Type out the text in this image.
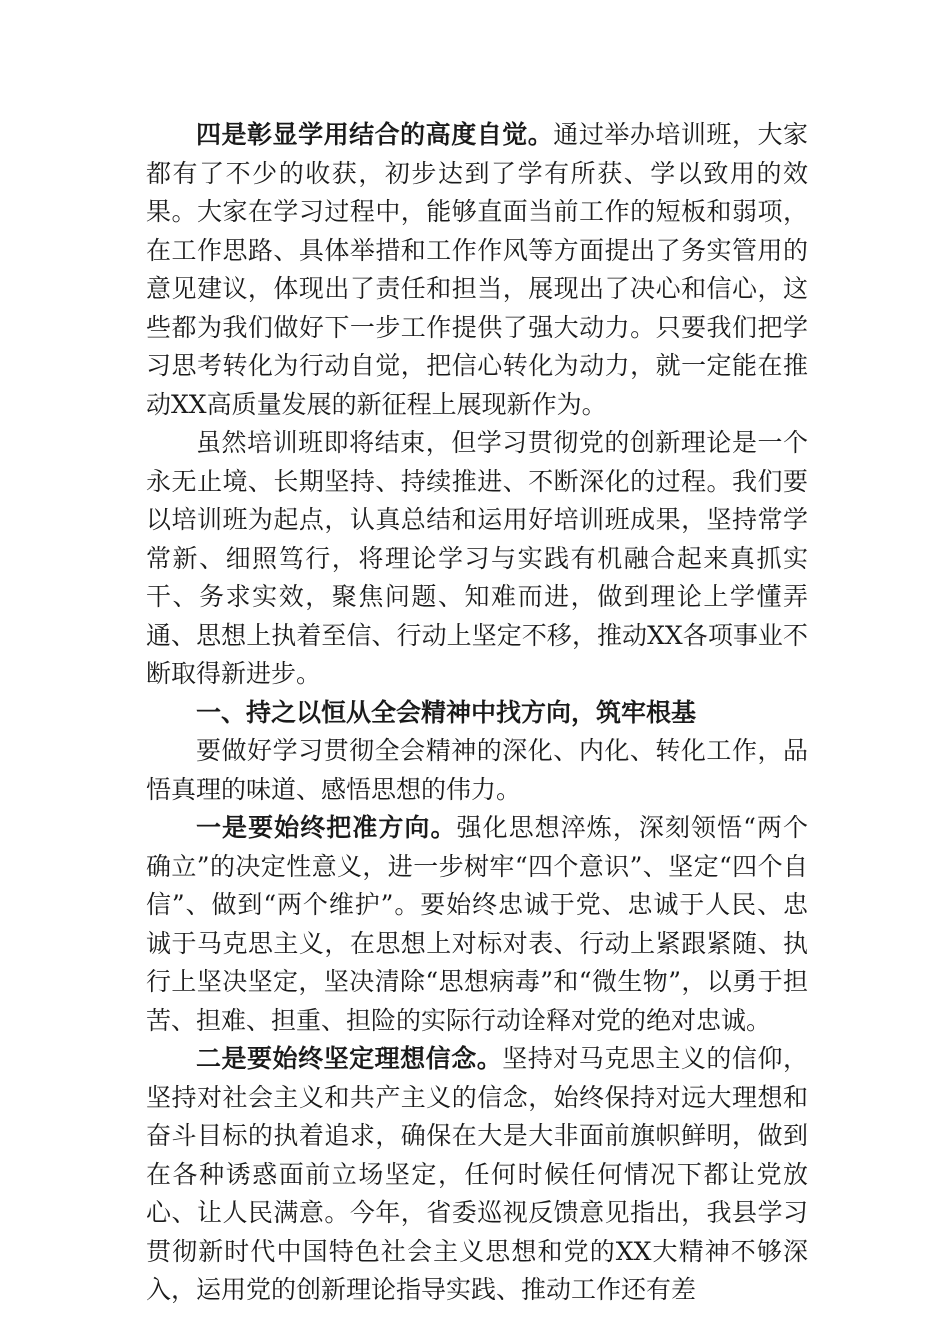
四是彰显学用结合的高度自觉。通过举办培训班，大家都有了不少的收获，初步达到了学有所获、学以致用的效果。大家在学习过程中，能够直面当前工作的短板和弱项，在工作思路、具体举措和工作作风等方面提出了务实管用的意见建议，体现出了责任和担当，展现出了决心和信心，这些都为我们做好下一步工作提供了强大动力。只要我们把学习思考转化为行动自觉，把信心转化为动力，就一定能在推动XX高质量发展的新征程上展现新作为。

虽然培训班即将结束，但学习贯彻党的创新理论是一个永无止境、长期坚持、持续推进、不断深化的过程。我们要以培训班为起点，认真总结和运用好培训班成果，坚持常学常新、细照笃行，将理论学习与实践有机融合起来真抓实干、务求实效，聚焦问题、知难而进，做到理论上学懂弄通、思想上执着至信、行动上坚定不移，推动XX各项事业不断取得新进步。

一、持之以恒从全会精神中找方向，筑牢根基

要做好学习贯彻全会精神的深化、内化、转化工作，品悟真理的味道、感悟思想的伟力。

一是要始终把准方向。强化思想淬炼，深刻领悟“两个确立”的决定性意义，进一步树牢“四个意识”、坚定“四个自信”、做到“两个维护”。要始终忠诚于党、忠诚于人民、忠诚于马克思主义，在思想上对标对表、行动上紧跟紧随、执行上坚决坚定，坚决清除“思想病毒”和“微生物”，以勇于担苦、担难、担重、担险的实际行动诠释对党的绝对忠诚。

二是要始终坚定理想信念。坚持对马克思主义的信仰，坚持对社会主义和共产主义的信念，始终保持对远大理想和奋斗目标的执着追求，确保在大是大非面前旗帜鲜明，做到在各种诱惑面前立场坚定，任何时候任何情况下都让党放心、让人民满意。今年，省委巡视反馈意见指出，我县学习贯彻新时代中国特色社会主义思想和党的XX大精神不够深入，运用党的创新理论指导实践、推动工作还有差
